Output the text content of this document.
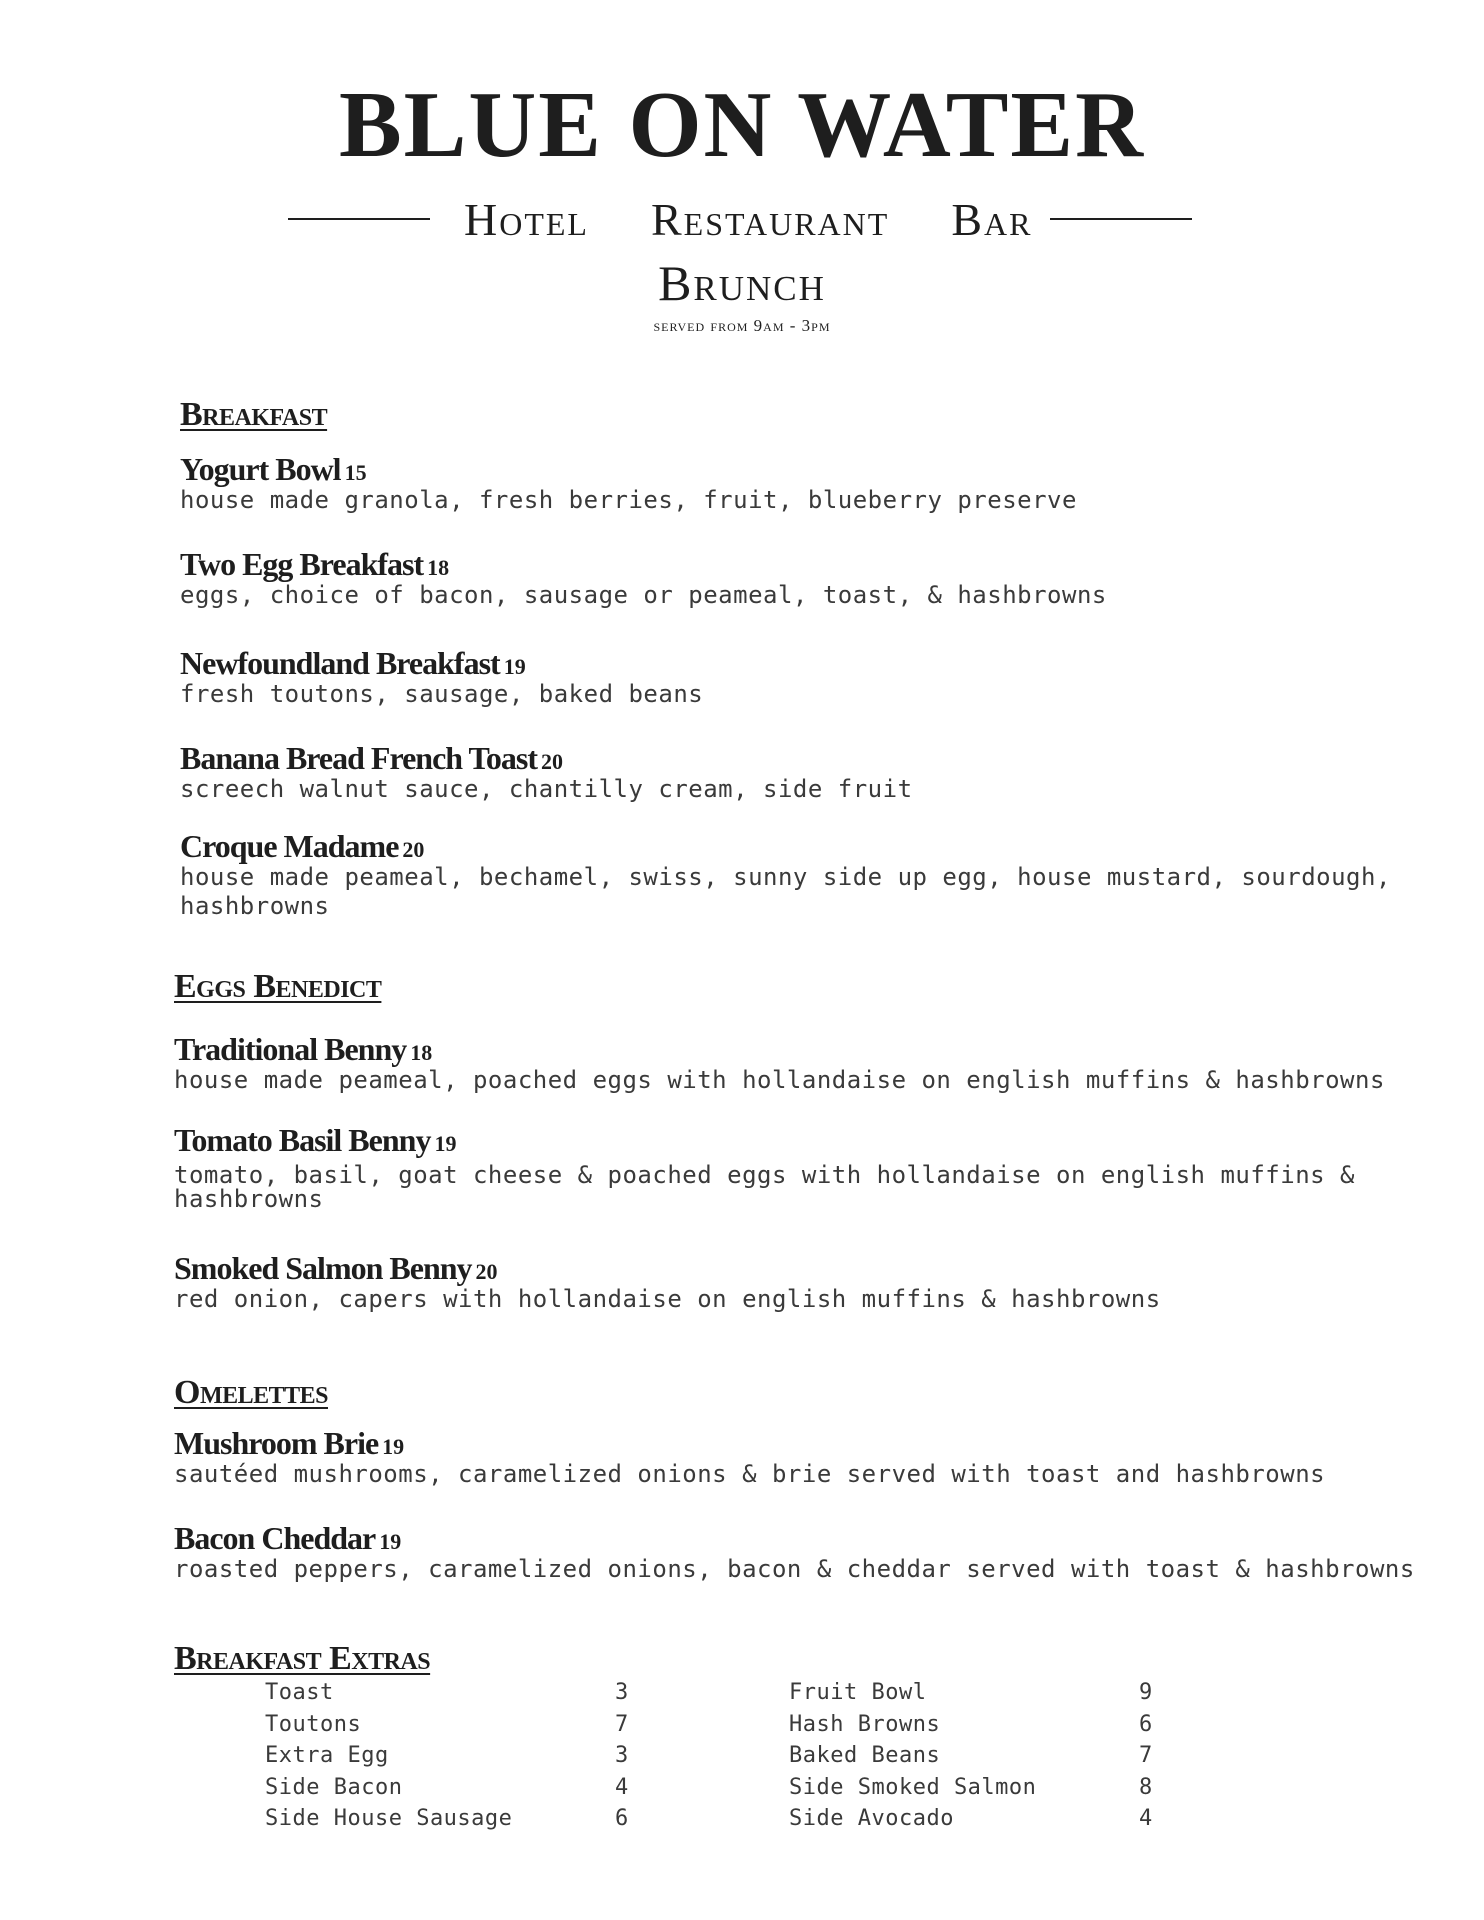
BLUE ON WATER
Hotel Restaurant Bar
Brunch
served from 9am - 3pm
Breakfast
Yogurt Bowl 15
house made granola, fresh berries, fruit, blueberry preserve
Two Egg Breakfast 18
eggs, choice of bacon, sausage or peameal, toast, & hashbrowns
Newfoundland Breakfast 19
fresh toutons, sausage, baked beans
Banana Bread French Toast 20
screech walnut sauce, chantilly cream, side fruit
Croque Madame 20
house made peameal, bechamel, swiss, sunny side up egg, house mustard, sourdough,
hashbrowns
Eggs Benedict
Traditional Benny 18
house made peameal, poached eggs with hollandaise on english muffins & hashbrowns
Tomato Basil Benny 19
tomato, basil, goat cheese & poached eggs with hollandaise on english muffins &
hashbrowns
Smoked Salmon Benny 20
red onion, capers with hollandaise on english muffins & hashbrowns
Omelettes
Mushroom Brie 19
sautéed mushrooms, caramelized onions & brie served with toast and hashbrowns
Bacon Cheddar 19
roasted peppers, caramelized onions, bacon & cheddar served with toast & hashbrowns
Breakfast Extras
Toast	3
Toutons	7
Extra Egg	3
Side Bacon	4
Side House Sausage	6
Fruit Bowl	9
Hash Browns	6
Baked Beans	7
Side Smoked Salmon	8
Side Avocado	4
